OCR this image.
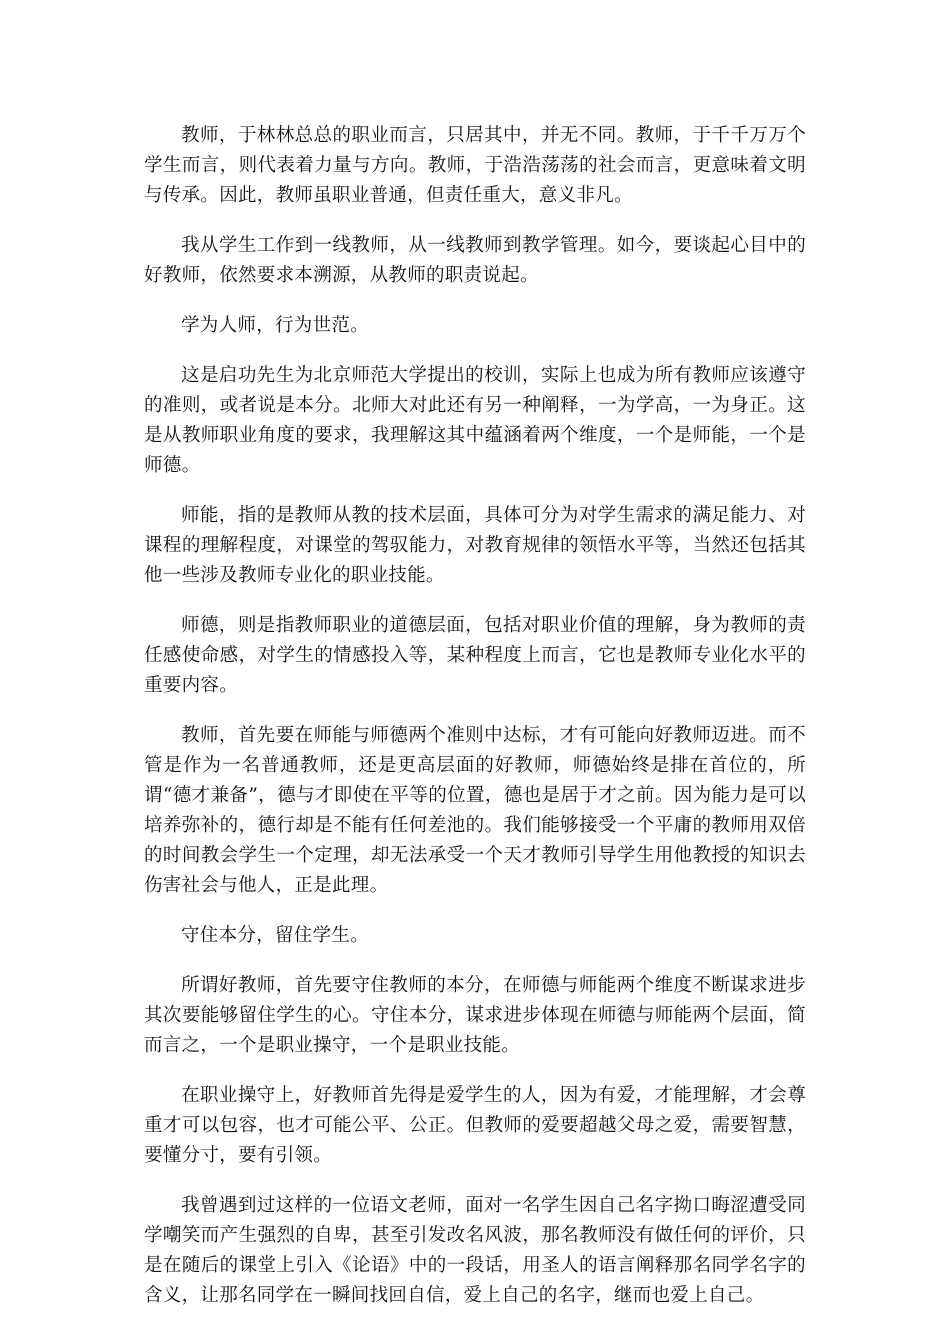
教师，于林林总总的职业而言，只居其中，并无不同。教师，于千千万万个学生而言，则代表着力量与方向。教师，于浩浩荡荡的社会而言，更意味着文明与传承。因此，教师虽职业普通，但责任重大，意义非凡。

我从学生工作到一线教师，从一线教师到教学管理。如今，要谈起心目中的好教师，依然要求本溯源，从教师的职责说起。

学为人师，行为世范。

这是启功先生为北京师范大学提出的校训，实际上也成为所有教师应该遵守的准则，或者说是本分。北师大对此还有另一种阐释，一为学高，一为身正。这是从教师职业角度的要求，我理解这其中蕴涵着两个维度，一个是师能，一个是师德。

师能，指的是教师从教的技术层面，具体可分为对学生需求的满足能力、对课程的理解程度，对课堂的驾驭能力，对教育规律的领悟水平等，当然还包括其他一些涉及教师专业化的职业技能。

师德，则是指教师职业的道德层面，包括对职业价值的理解，身为教师的责任感使命感，对学生的情感投入等，某种程度上而言，它也是教师专业化水平的重要内容。

教师，首先要在师能与师德两个准则中达标，才有可能向好教师迈进。而不管是作为一名普通教师，还是更高层面的好教师，师德始终是排在首位的，所谓“德才兼备”，德与才即使在平等的位置，德也是居于才之前。因为能力是可以培养弥补的，德行却是不能有任何差池的。我们能够接受一个平庸的教师用双倍的时间教会学生一个定理，却无法承受一个天才教师引导学生用他教授的知识去伤害社会与他人，正是此理。

守住本分，留住学生。

所谓好教师，首先要守住教师的本分，在师德与师能两个维度不断谋求进步其次要能够留住学生的心。守住本分，谋求进步体现在师德与师能两个层面，简而言之，一个是职业操守，一个是职业技能。

在职业操守上，好教师首先得是爱学生的人，因为有爱，才能理解，才会尊重才可以包容，也才可能公平、公正。但教师的爱要超越父母之爱，需要智慧，要懂分寸，要有引领。

我曾遇到过这样的一位语文老师，面对一名学生因自己名字拗口晦涩遭受同学嘲笑而产生强烈的自卑，甚至引发改名风波，那名教师没有做任何的评价，只是在随后的课堂上引入《论语》中的一段话，用圣人的语言阐释那名同学名字的含义，让那名同学在一瞬间找回自信，爱上自己的名字，继而也爱上自己。
